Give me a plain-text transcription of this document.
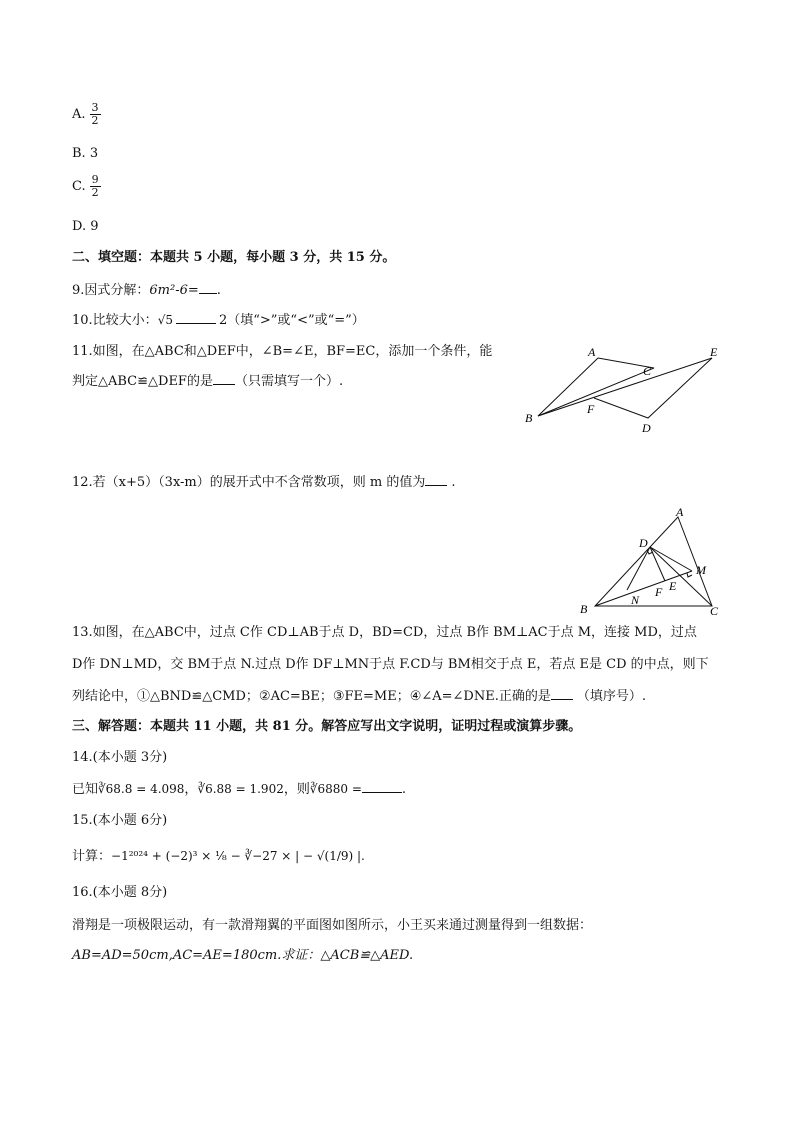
A. $\frac{3}{2}$
B. 3
C. $\frac{9}{2}$
D. 9
二、填空题：本题共 5 小题，每小题 3 分，共 15 分。
9.因式分解：6m²-6= .
10.比较大小：√5	2（填“>”或“<”或“=”）
11.如图，在△ABC和△DEF中，∠B=∠E，BF=EC，添加一个条件，能
判定△ABC≌△DEF的是 （只需填写一个）.
A
C
E
B
F
D
12.若（x+5）（3x-m）的展开式中不含常数项，则 m 的值为 .
A
D
M
E
F
N
B	C
13.如图，在△ABC中，过点 C作 CD⊥AB于点 D，BD=CD，过点 B作 BM⊥AC于点 M，连接 MD，过点
D作 DN⊥MD，交 BM于点 N.过点 D作 DF⊥MN于点 F.CD与 BM相交于点 E，若点 E是 CD 的中点，则下
列结论中，①△BND≌△CMD；②AC=BE；③FE=ME；④∠A=∠DNE.正确的是 （填序号）.
三、解答题：本题共 11 小题，共 81 分。解答应写出文字说明，证明过程或演算步骤。
14.(本小题 3分)
已知∛68.8 = 4.098，∛6.88 = 1.902，则∛6880 =	.
15.(本小题 6分)
计算：−1²⁰²⁴ + (−2)³ × ⅛ − ∛−27 × | − √(1/9) |.
16.(本小题 8分)
滑翔是一项极限运动，有一款滑翔翼的平面图如图所示，小王买来通过测量得到一组数据：
AB=AD=50cm,AC=AE=180cm.求证：△ACB≌△AED.
